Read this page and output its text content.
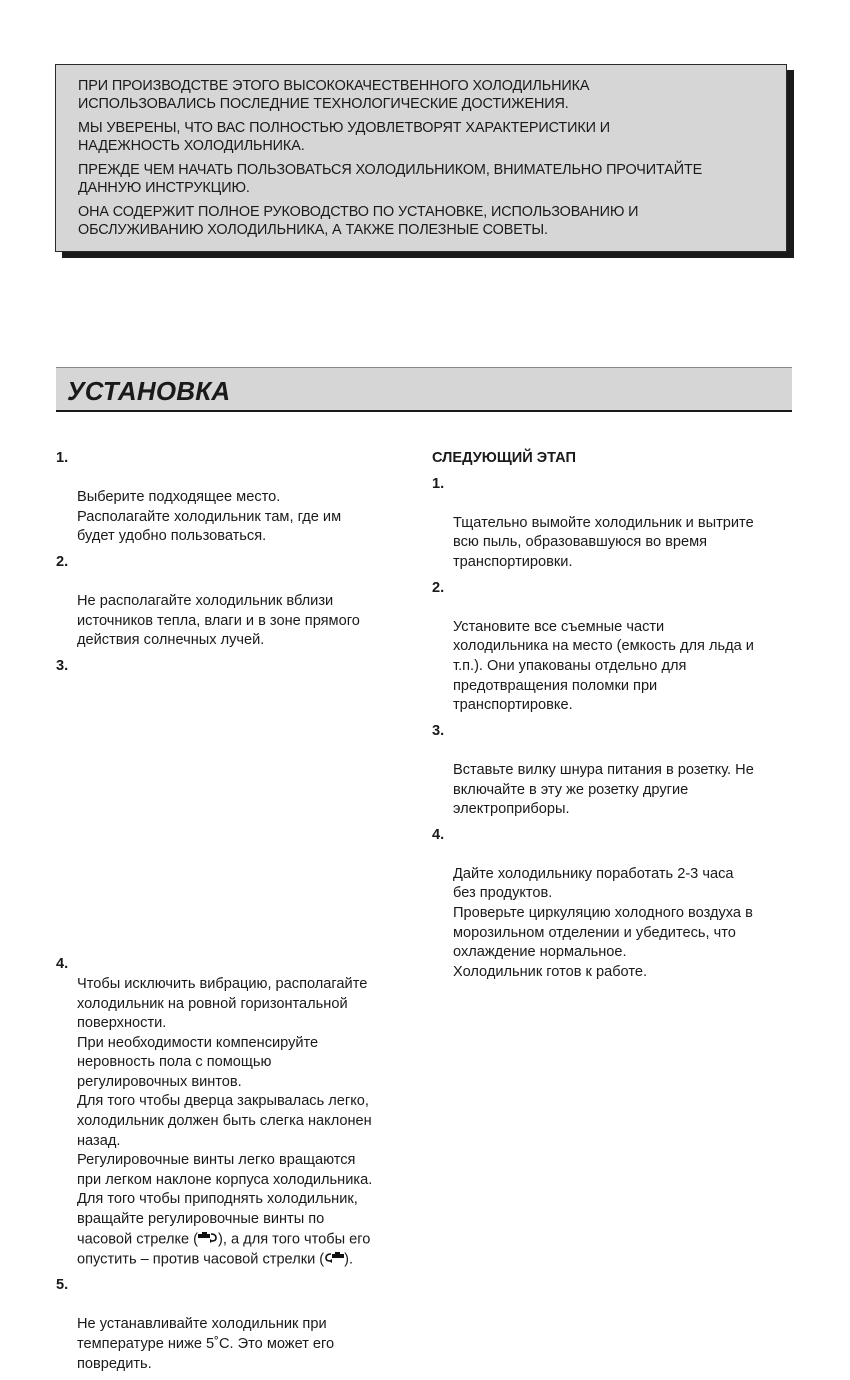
ПРИ ПРОИЗВОДСТВЕ ЭТОГО ВЫСОКОКАЧЕСТВЕННОГО ХОЛОДИЛЬНИКА
ИСПОЛЬЗОВАЛИСЬ ПОСЛЕДНИЕ ТЕХНОЛОГИЧЕСКИЕ ДОСТИЖЕНИЯ.

МЫ УВЕРЕНЫ, ЧТО ВАС ПОЛНОСТЬЮ УДОВЛЕТВОРЯТ ХАРАКТЕРИСТИКИ И
НАДЕЖНОСТЬ ХОЛОДИЛЬНИКА.

ПРЕЖДЕ ЧЕМ НАЧАТЬ ПОЛЬЗОВАТЬСЯ ХОЛОДИЛЬНИКОМ, ВНИМАТЕЛЬНО ПРОЧИТАЙТЕ
ДАННУЮ ИНСТРУКЦИЮ.

ОНА СОДЕРЖИТ ПОЛНОЕ РУКОВОДСТВО ПО УСТАНОВКЕ, ИСПОЛЬЗОВАНИЮ И
ОБСЛУЖИВАНИЮ ХОЛОДИЛЬНИКА, А ТАКЖЕ ПОЛЕЗНЫЕ СОВЕТЫ.

УСТАНОВКА

1.

Выберите подходящее место.
Располагайте холодильник там, где им
будет удобно пользоваться.

2.

Не располагайте холодильник вблизи
источников тепла, влаги и в зоне прямого
действия солнечных лучей.

3.

4.
Чтобы исключить вибрацию, располагайте
холодильник на ровной горизонтальной
поверхности.
При необходимости компенсируйте
неровность пола с помощью
регулировочных винтов.
Для того чтобы дверца закрывалась легко,
холодильник должен быть слегка наклонен
назад.
Регулировочные винты легко вращаются
при легком наклоне корпуса холодильника.
Для того чтобы приподнять холодильник,
вращайте регулировочные винты по
часовой стрелке ( ), а для того чтобы его
опустить – против часовой стрелки ( ).

5.

Не устанавливайте холодильник при
температуре ниже 5˚С. Это может его
повредить.

СЛЕДУЮЩИЙ ЭТАП

1.

Тщательно вымойте холодильник и вытрите
всю пыль, образовавшуюся во время
транспортировки.

2.

Установите все съемные части
холодильника на место (емкость для льда и
т.п.). Они упакованы отдельно для
предотвращения поломки при
транспортировке.

3.

Вставьте вилку шнура питания в розетку. Не
включайте в эту же розетку другие
электроприборы.

4.

Дайте холодильнику поработать 2-3 часа
без продуктов.
Проверьте циркуляцию холодного воздуха в
морозильном отделении и убедитесь, что
охлаждение нормальное.
Холодильник готов к работе.
